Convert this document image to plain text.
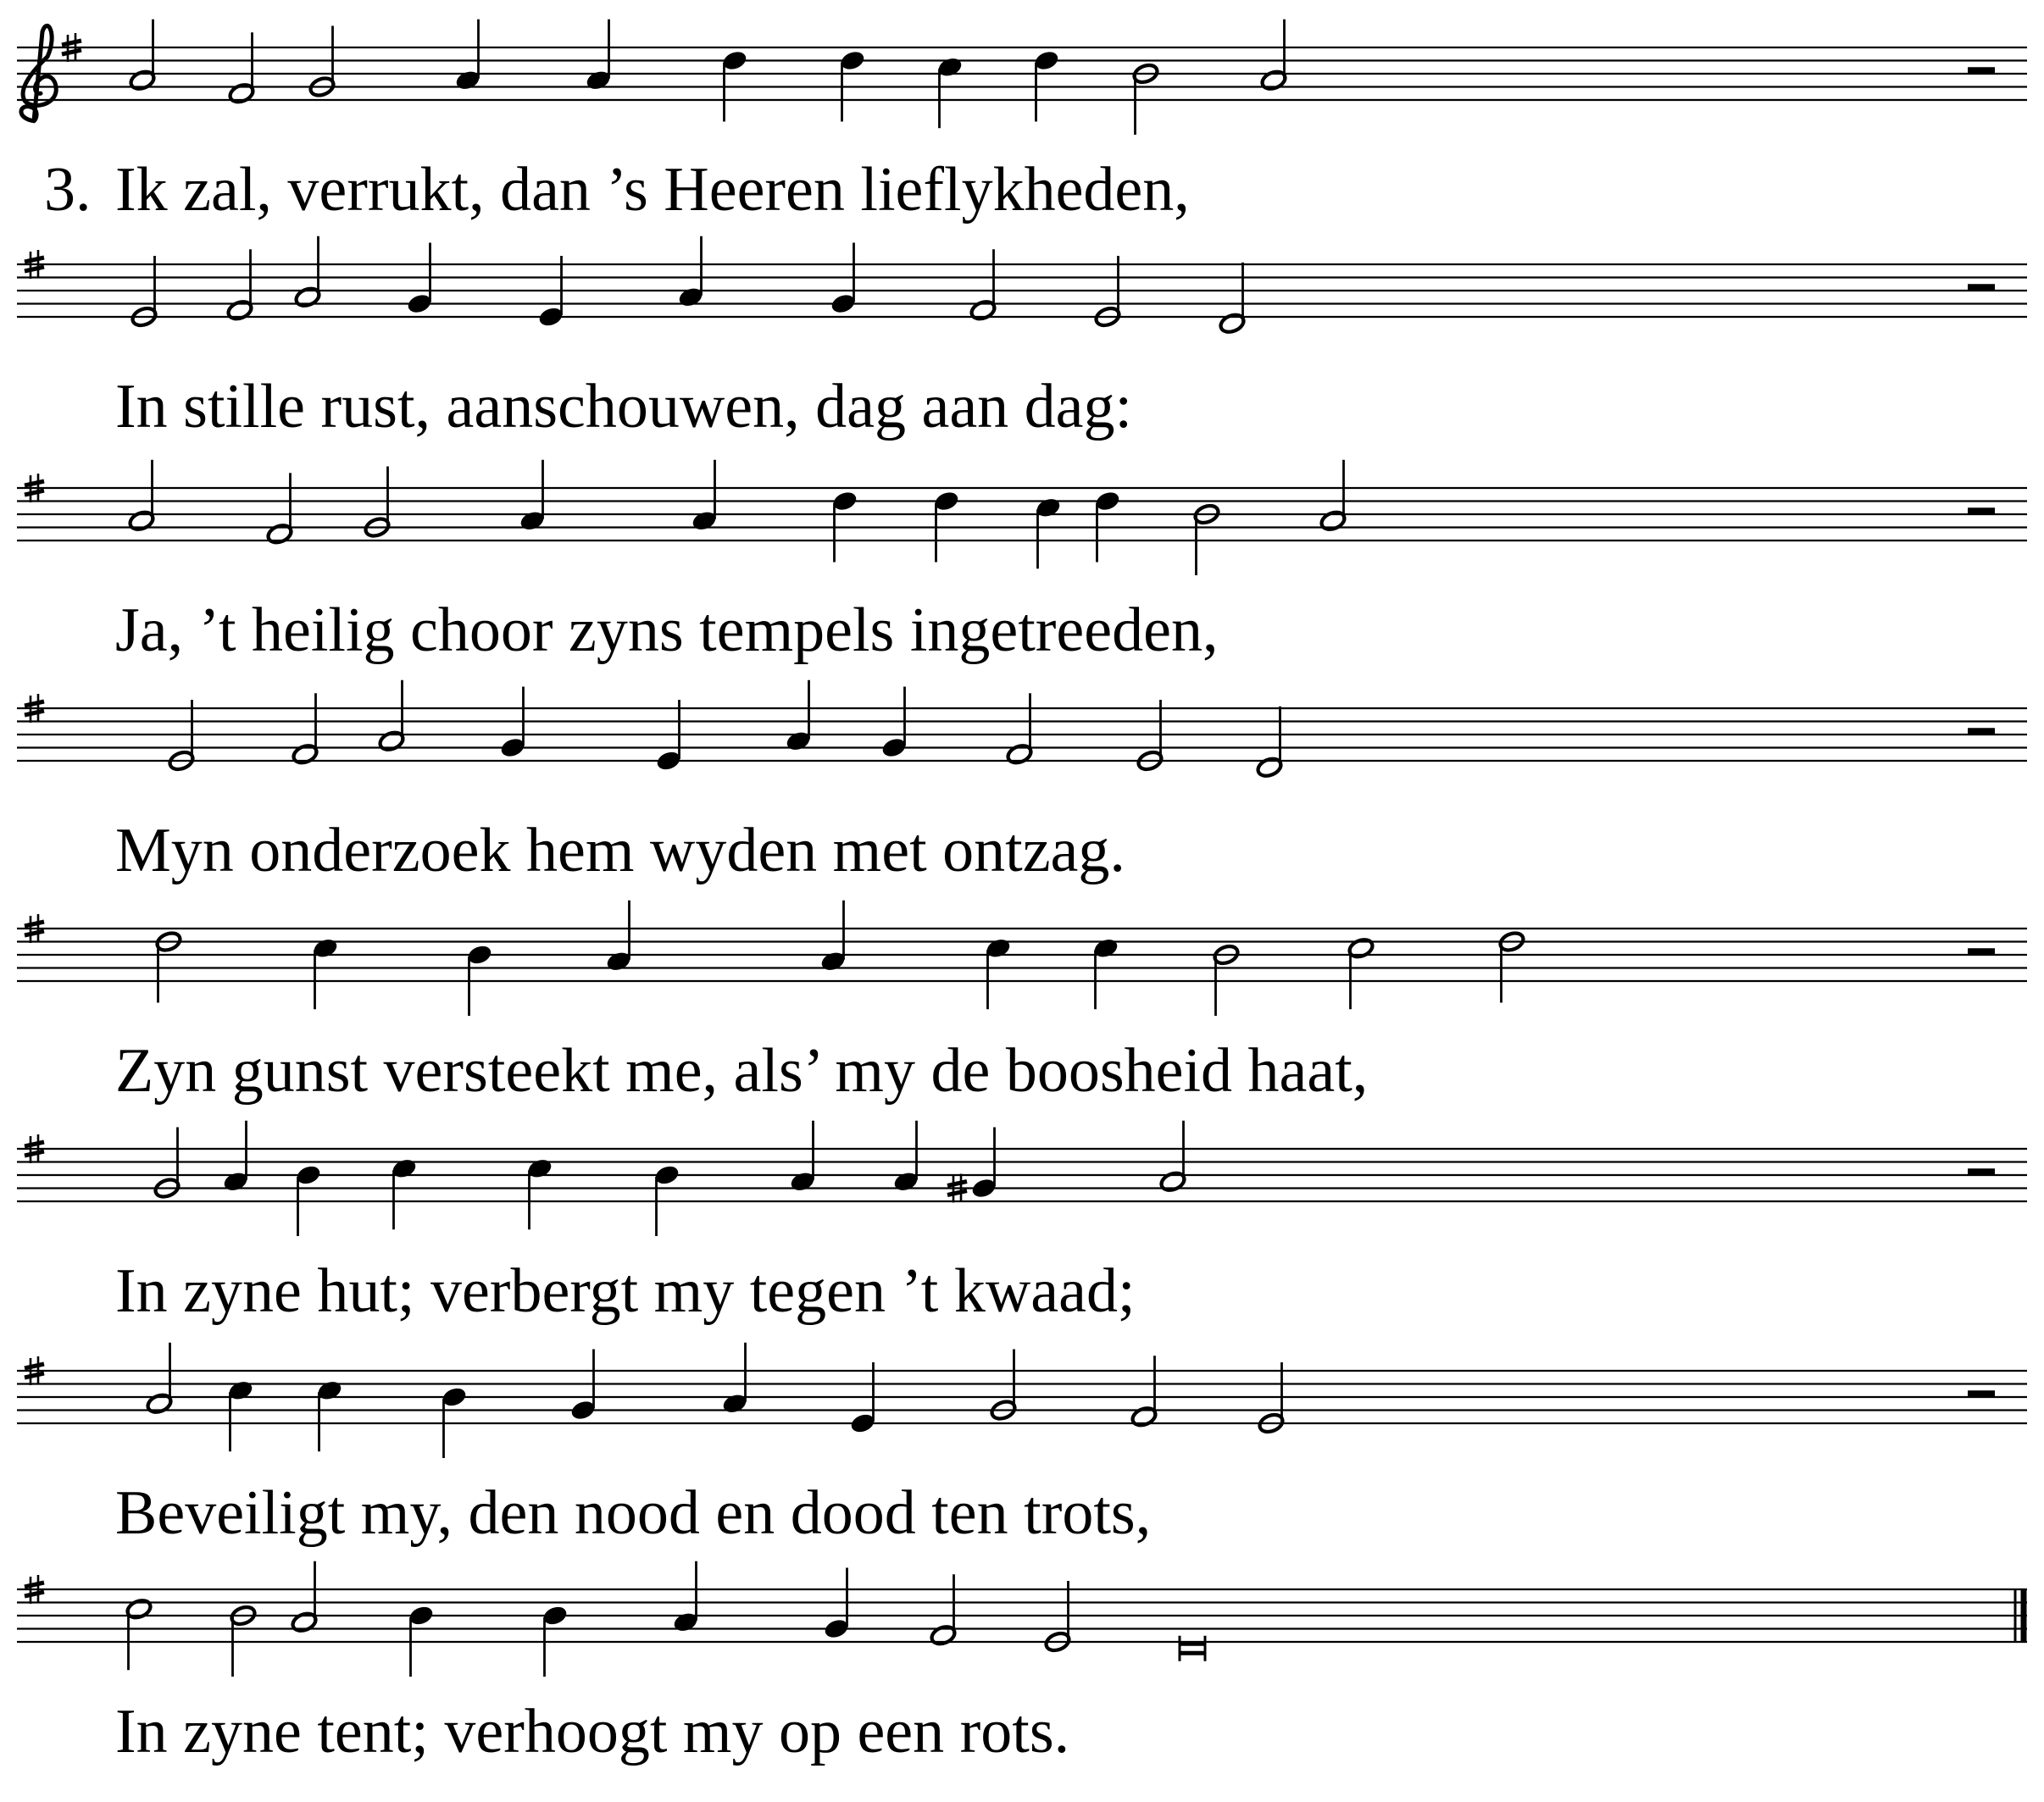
3. Ik zal, verrukt, dan ’s Heeren lieflykheden,
In stille rust, aanschouwen, dag aan dag:
Ja, ’t heilig choor zyns tempels ingetreeden,
Myn onderzoek hem wyden met ontzag.
Zyn gunst versteekt me, als’ my de boosheid haat,
In zyne hut; verbergt my tegen ’t kwaad;
Beveiligt my, den nood en dood ten trots,
In zyne tent; verhoogt my op een rots.
